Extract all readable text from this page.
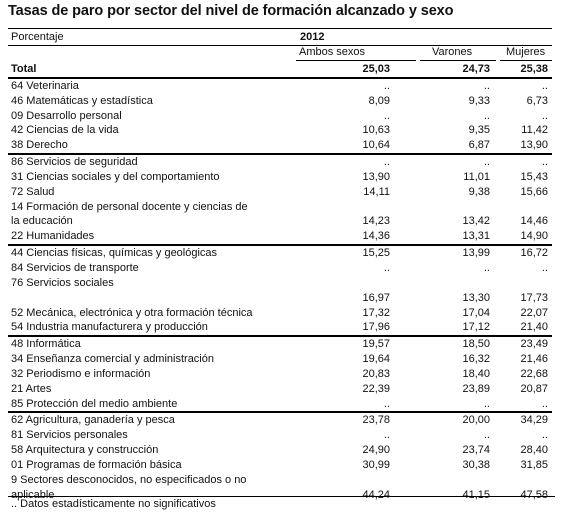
Tasas de paro por sector del nivel de formación alcanzado y sexo
Porcentaje	2012
Ambos sexos	Varones	Mujeres
Total	25,03	24,73	25,38
64 Veterinaria	..	..	..
46 Matemáticas y estadística	8,09	9,33	6,73
09 Desarrollo personal	..	..	..
42 Ciencias de la vida	10,63	9,35	11,42
38 Derecho	10,64	6,87	13,90
86 Servicios de seguridad	..	..	..
31 Ciencias sociales y del comportamiento	13,90	11,01	15,43
72 Salud	14,11	9,38	15,66
14 Formación de personal docente y ciencias de
la educación	14,23	13,42	14,46
22 Humanidades	14,36	13,31	14,90
44 Ciencias físicas, químicas y geológicas	15,25	13,99	16,72
84 Servicios de transporte	..	..	..
76 Servicios sociales
16,97	13,30	17,73
52 Mecánica, electrónica y otra formación técnica	17,32	17,04	22,07
54 Industria manufacturera y producción	17,96	17,12	21,40
48 Informática	19,57	18,50	23,49
34 Enseñanza comercial y administración	19,64	16,32	21,46
32 Periodismo e información	20,83	18,40	22,68
21 Artes	22,39	23,89	20,87
85 Protección del medio ambiente	..	..	..
62 Agricultura, ganadería y pesca	23,78	20,00	34,29
81 Servicios personales	..	..	..
58 Arquitectura y construcción	24,90	23,74	28,40
01 Programas de formación básica	30,99	30,38	31,85
9 Sectores desconocidos, no especificados o no
aplicable	44,24	41,15	47,58
.. Datos estadísticamente no significativos
